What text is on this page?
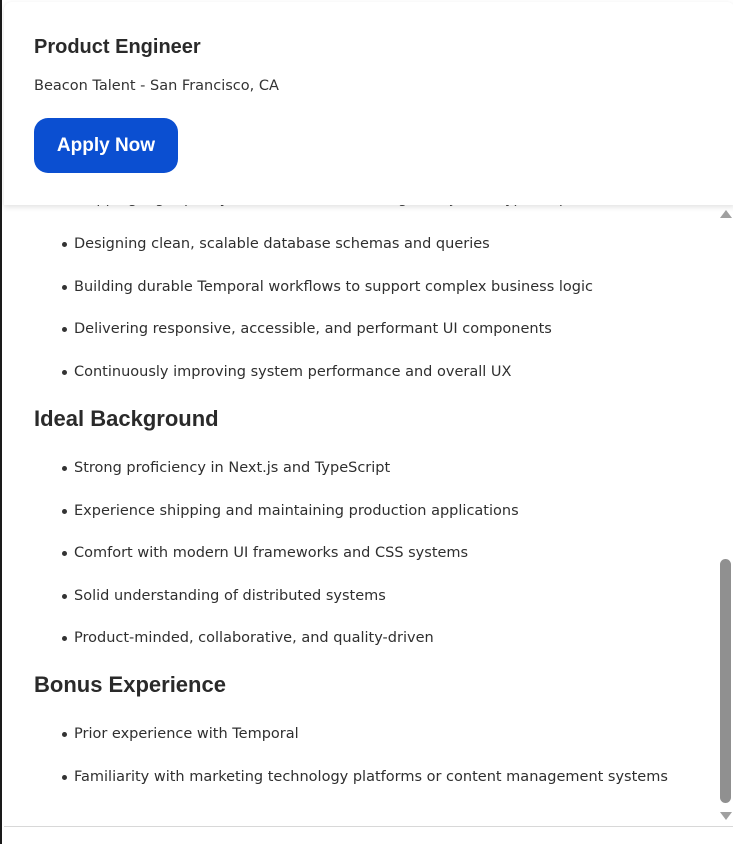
Designing clean, scalable database schemas and queries
Building durable Temporal workflows to support complex business logic
Delivering responsive, accessible, and performant UI components
Continuously improving system performance and overall UX
Ideal Background
Strong proficiency in Next.js and TypeScript
Experience shipping and maintaining production applications
Comfort with modern UI frameworks and CSS systems
Solid understanding of distributed systems
Product-minded, collaborative, and quality-driven
Bonus Experience
Prior experience with Temporal
Familiarity with marketing technology platforms or content management systems
Product Engineer
Beacon Talent - San Francisco, CA
Apply Now
